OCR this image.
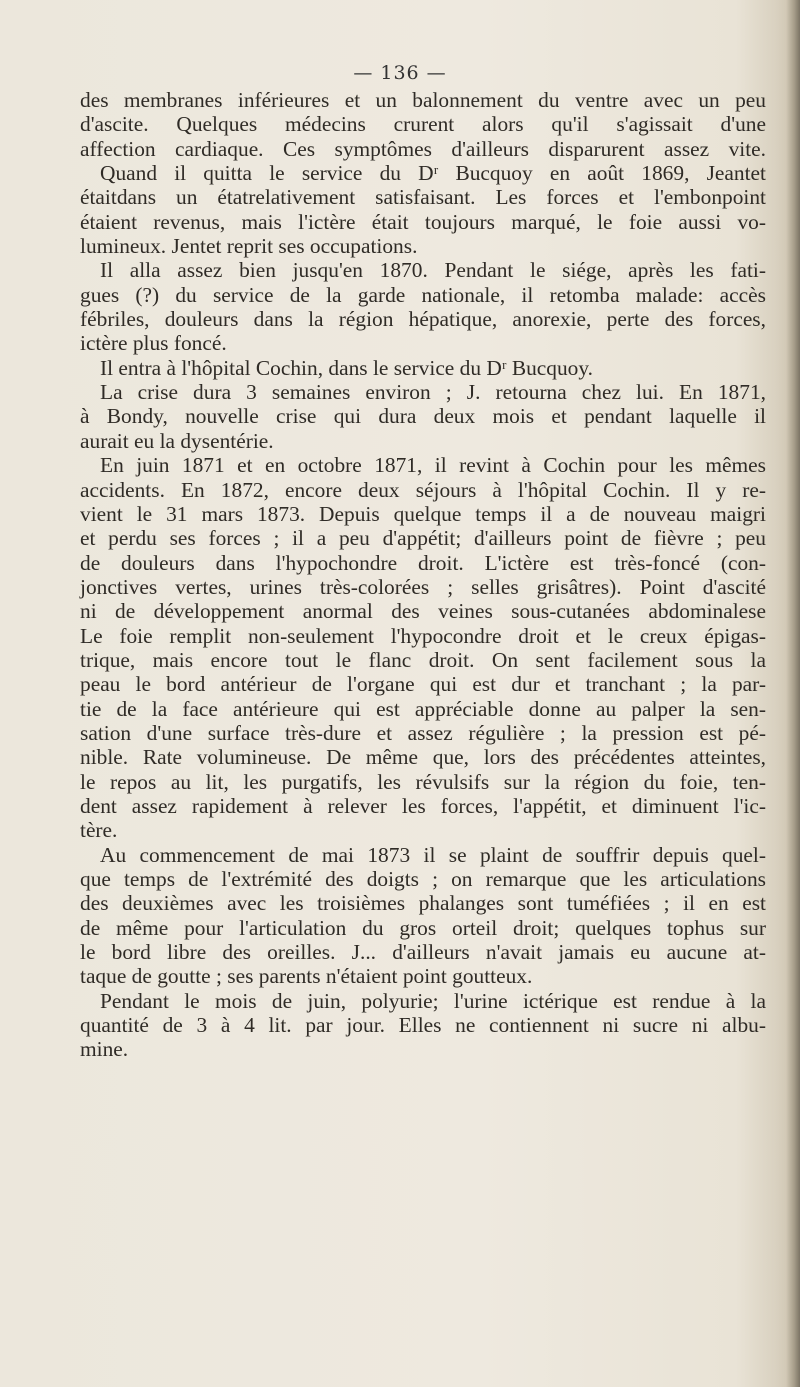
— 136 —
des membranes inférieures et un balonnement du ventre avec un peu
d'ascite. Quelques médecins crurent alors qu'il s'agissait d'une
affection cardiaque. Ces symptômes d'ailleurs disparurent assez vite.
Quand il quitta le service du Dʳ Bucquoy en août 1869, Jeantet
étaitdans un étatrelativement satisfaisant. Les forces et l'embonpoint
étaient revenus, mais l'ictère était toujours marqué, le foie aussi vo-
lumineux. Jentet reprit ses occupations.
Il alla assez bien jusqu'en 1870. Pendant le siége, après les fati-
gues (?) du service de la garde nationale, il retomba malade: accès
fébriles, douleurs dans la région hépatique, anorexie, perte des forces,
ictère plus foncé.
Il entra à l'hôpital Cochin, dans le service du Dʳ Bucquoy.
La crise dura 3 semaines environ ; J. retourna chez lui. En 1871,
à Bondy, nouvelle crise qui dura deux mois et pendant laquelle il
aurait eu la dysentérie.
En juin 1871 et en octobre 1871, il revint à Cochin pour les mêmes
accidents. En 1872, encore deux séjours à l'hôpital Cochin. Il y re-
vient le 31 mars 1873. Depuis quelque temps il a de nouveau maigri
et perdu ses forces ; il a peu d'appétit; d'ailleurs point de fièvre ; peu
de douleurs dans l'hypochondre droit. L'ictère est très-foncé (con-
jonctives vertes, urines très-colorées ; selles grisâtres). Point d'ascité
ni de développement anormal des veines sous-cutanées abdominalese
Le foie remplit non-seulement l'hypocondre droit et le creux épigas-
trique, mais encore tout le flanc droit. On sent facilement sous la
peau le bord antérieur de l'organe qui est dur et tranchant ; la par-
tie de la face antérieure qui est appréciable donne au palper la sen-
sation d'une surface très-dure et assez régulière ; la pression est pé-
nible. Rate volumineuse. De même que, lors des précédentes atteintes,
le repos au lit, les purgatifs, les révulsifs sur la région du foie, ten-
dent assez rapidement à relever les forces, l'appétit, et diminuent l'ic-
tère.
Au commencement de mai 1873 il se plaint de souffrir depuis quel-
que temps de l'extrémité des doigts ; on remarque que les articulations
des deuxièmes avec les troisièmes phalanges sont tuméfiées ; il en est
de même pour l'articulation du gros orteil droit; quelques tophus sur
le bord libre des oreilles. J... d'ailleurs n'avait jamais eu aucune at-
taque de goutte ; ses parents n'étaient point goutteux.
Pendant le mois de juin, polyurie; l'urine ictérique est rendue à la
quantité de 3 à 4 lit. par jour. Elles ne contiennent ni sucre ni albu-
mine.
